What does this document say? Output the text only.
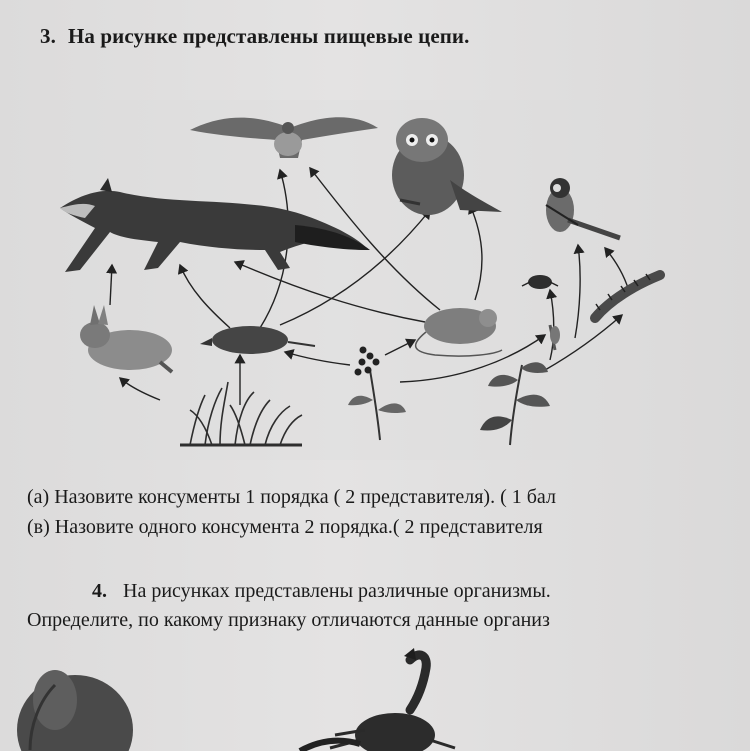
3. На рисунке представлены пищевые цепи.
(а) Назовите консументы 1 порядка ( 2 представителя). ( 1 бал
(в) Назовите одного консумента 2 порядка.( 2 представителя
4. На рисунках представлены различные организмы.
Определите, по какому признаку отличаются данные организ
